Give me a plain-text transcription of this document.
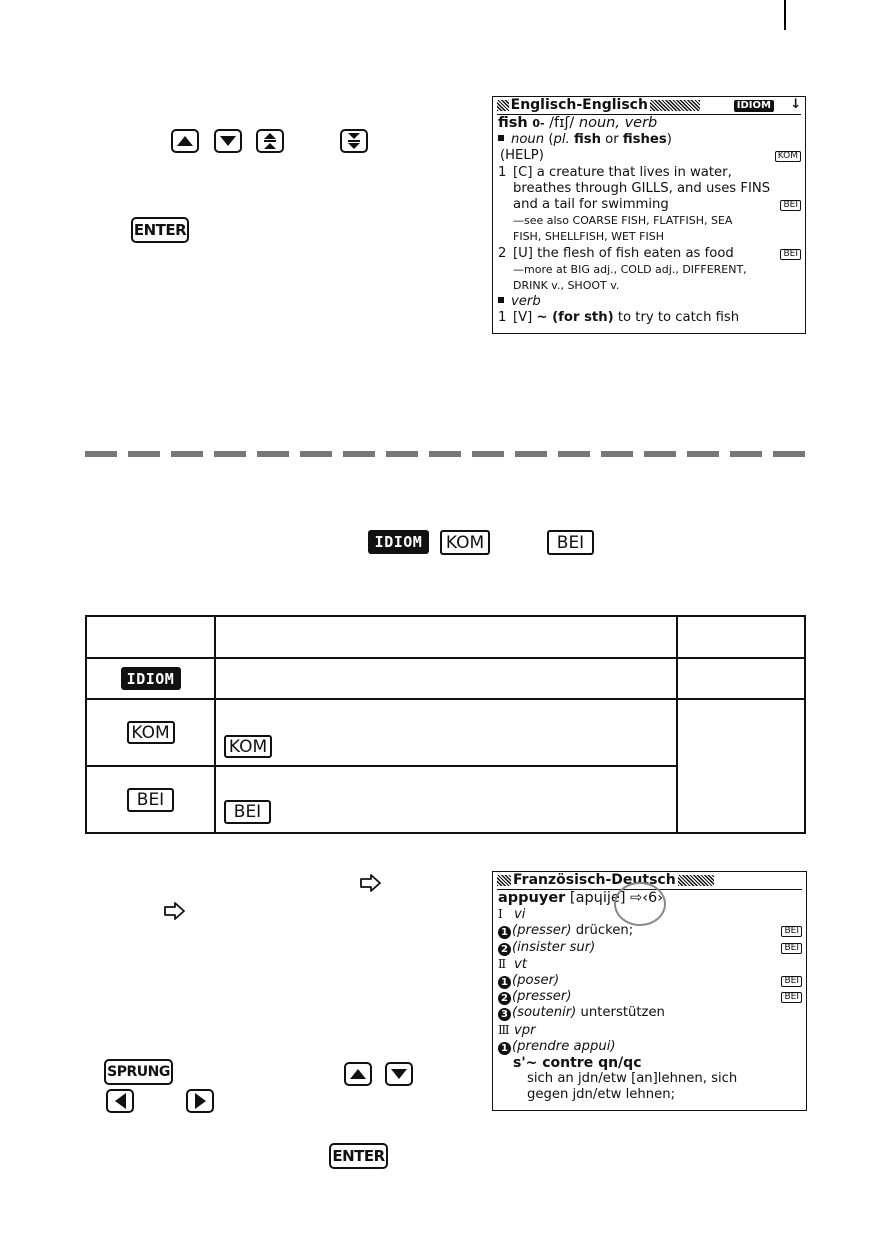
ENTER
Englisch-Englisch	IDIOM ↓
fish 0- /fɪʃ/ noun, verb
noun (pl. fish or fishes)
(HELP)	KOM
1 [C] a creature that lives in water,
breathes through GILLS, and uses FINS
and a tail for swimming	BEI
—see also COARSE FISH, FLATFISH, SEA
FISH, SHELLFISH, WET FISH
2 [U] the flesh of fish eaten as food	BEI
—more at BIG adj., COLD adj., DIFFERENT,
DRINK v., SHOOT v.
verb
1 [V] ~ (for sth) to try to catch fish
IDIOM	KOM	BEI

IDIOM		

KOM	KOM	

BEI	BEI	
SPRUNG
ENTER
Französisch-Deutsch
appuyer [apɥije] ⇨‹6›
Ⅰ vi
1 (presser) drücken;	BEI
2 (insister sur)	BEI
Ⅱ vt
1 (poser)	BEI
2 (presser)	BEI
3 (soutenir) unterstützen
Ⅲ vpr
1 (prendre appui)
s'~ contre qn/qc
sich an jdn/etw [an]lehnen, sich
gegen jdn/etw lehnen;
